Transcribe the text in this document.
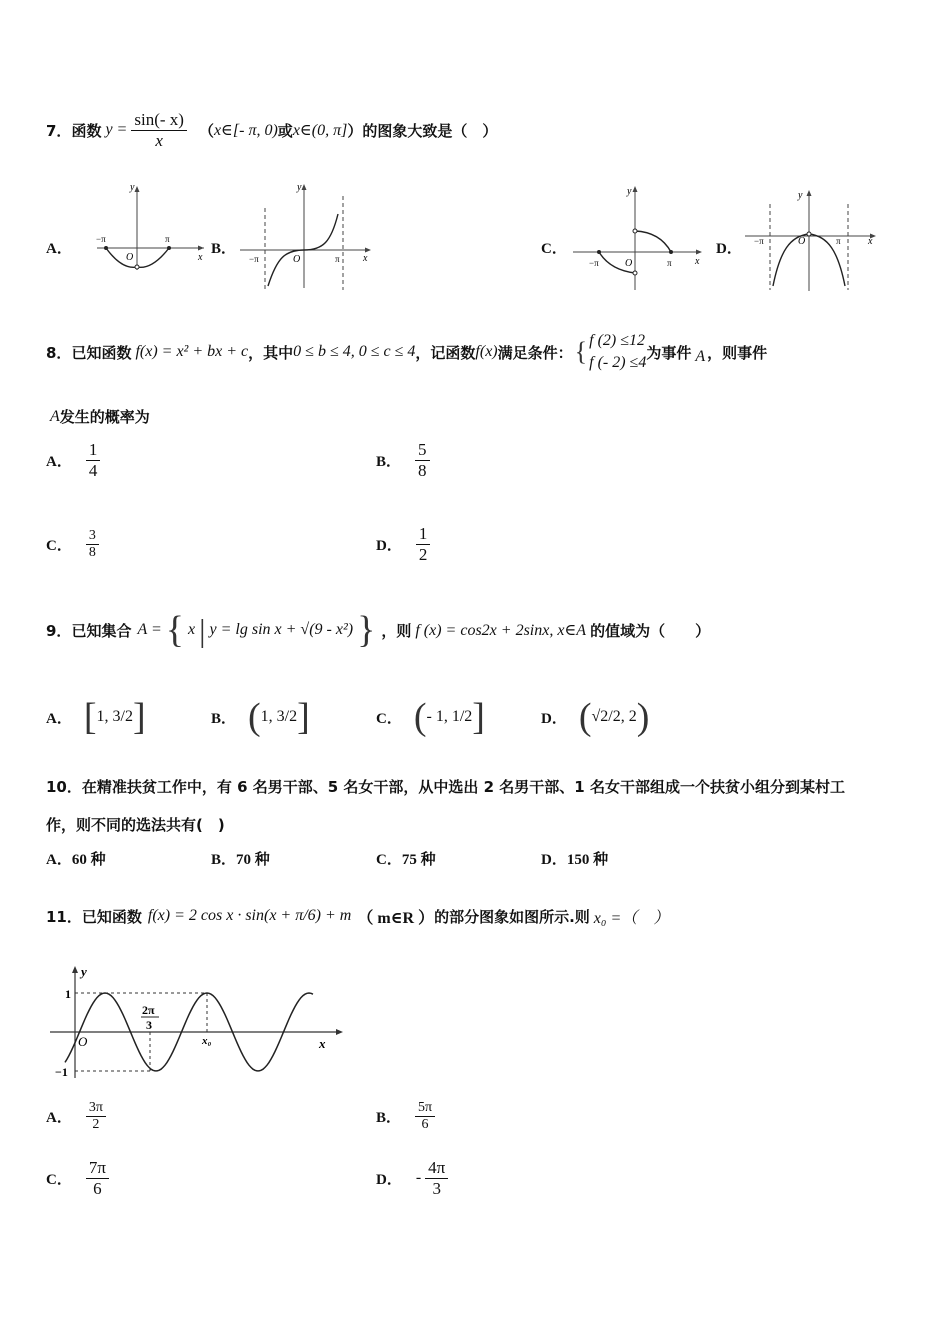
7． 函数 $y = \frac{\sin(- x)}{x}$ （ x∈[- π, 0) 或 x∈(0, π] ）的图象大致是（　）
A．	B．	C．	D．
y
x
O
−π	π
y
x
O
−π	π
y
x
O
−π	π
y
x
O
−π	π
8． 已知函数 f(x) = x² + bx + c ，其中 0 ≤ b ≤ 4, 0 ≤ c ≤ 4 ，记函数 f(x) 满足条件： { f (2) ≤12
f (- 2) ≤4
为事件 A ，则事件
A 发生的概率为
A． $\frac{1}{4}$	B． $\frac{5}{8}$
C． $\frac{3}{8}$	D． $\frac{1}{2}$
9． 已知集合 A = { x | y = lg sin x + √(9 - x²) } ，则 f (x) = cos2x + 2sinx, x∈A 的值域为（　　）
A． [ 1, 3/2 ]	B． ( 1, 3/2 ]	C． ( - 1, 1/2 ]	D． ( √2/2, 2 )
10．在精准扶贫工作中，有 6 名男干部、5 名女干部，从中选出 2 名男干部、1 名女干部组成一个扶贫小组分到某村工
作，则不同的选法共有(　)
A． 60 种	B． 70 种	C． 75 种	D． 150 种
11． 已知函数 f(x) = 2 cos x · sin(x + π/6) + m （ m∈R ） 的部分图象如图所示.则 x₀ =（　）
y
x
O
1
−1
2π
3
x₀
A． $\frac{3\pi}{2}$	B． $\frac{5\pi}{6}$
C． $\frac{7\pi}{6}$	D． - $\frac{4\pi}{3}$
